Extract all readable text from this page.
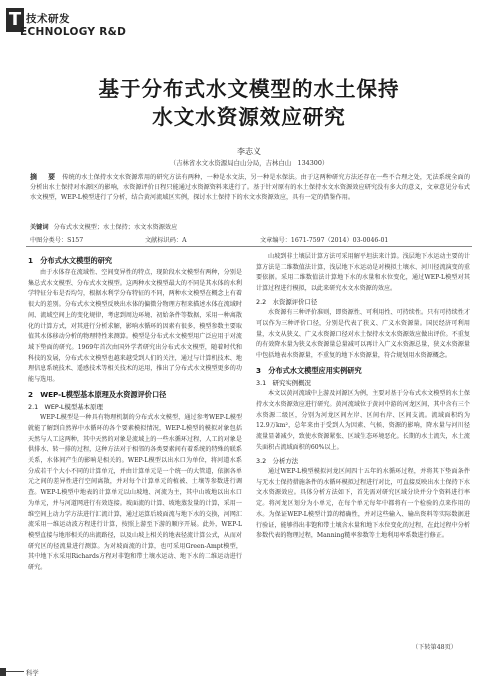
T 技术研发
ECHNOLOGY R&D
基于分布式水文模型的水土保持
水文水资源效应研究
李志义
（吉林省水文水资源局白山分局，吉林白山　134300）
摘　要 传统的水土保持水文水资源常用的研究方法有两种，一种是水文法，另一种是水保法。由于这两种研究方法还存在一些不合理之处，无法系统全面的分析出水土保持对水源区的影响，水资源评价日程只能通过水资源资料来进行了。基于针对原有的水土保持水文水资源效应研究没有多大的意义，文章意见分布式水文模型，WEP-L模型进行了分析，结合黄河流域区实例，探讨水土保持下的水文水资源效应，具有一定的借鉴作用。
关键词 分布式水文模型；水土保持；水文水资源效应
中图分类号：S157	文献标识码：A	文章编号：1671-7597（2014）03-0046-01
1　分布式水文模型的研究

由于水体存在流域性、空间变异性的特点，现阶段水文模型有两种，分别是集总式水文模型、分布式水文模型。这两种水文模型最大的不同是其水体的水利学特征分布是否均匀，根据水利学分布特征的不同，两种水文模型在概念上有着很大的差别。分布式水文模型反映出水体的偏微分物理方程来描述水体在流域时间、流域空间上的变化规律，考虑到周边环境、初始条件等数据，采用一种离散化的计算方式，对其进行分析求解，影响水循环的因素有很多，模型参数主要取值其水体移动分析的物理特性来测算。模型是分布式水文模型用广泛应用于对流域下垫面的研究。1969年首次由国外学者研究出分布式水文模型，随着时代和科技的发展，分布式水文模型也越来越受到人们的关注，通过与计算机技术、地理信息系统技术、遥感技术等相关技术的运用，推出了分布式水文模型更多的功能与选用。

2　WEP-L模型基本原理及水资源评价口径
2.1　WEP-L模型基本原理

WEP-L模型是一种具有物理机制的分布式水文模型，通过参考WEP-L模型就能了解到自然界中水循环的各个要素模拟情况，WEP-L模型的模拟对象包括天然与人工这两种，其中天然的对象是流域上的一些水循环过程，人工的对象是供排水、转一排的过程，这种方法对于相邻的各类要素间有着系统的特殊的联系关系，水体间产生的影响是相关的。WEP-L模型以出水口为单位，将河道水系分成若干个大小不同的计算单元，并由计算单元是一个统一的大管道，依据各单元之间的差异性进行空间离散，并对每个计算单元的植被、土壤等参数进行调查。WEP-L模型中地表的计算单元以山坡地、河流为主，其中山坡地以出水口为单元，并与河道网进行有效连接。坡面流的计算、坡地蒸发量的计算，采用一维空间上动力学方法进行汇流计算，通过运算后坡面流与地下水的交换，河网汇流采用一维运动波方程进行计算，按照上游至下游的顺序开展。此外，WEP-L模型直接与地形相关的出流路径，以及山坡上相关的地表径流计算公式，从而对研究区的径流量进行测算。为对坡面流的计算，也可采用Green-Ampt模型，其中地下水采用Richards方程对非饱和带土壤水运动、地下水的二维运动进行研究。

山坡到非土壤层计算方法可采用解平坦法来计算。浅层地下水运动主要的计算方法是二维数值法计算，浅层地下水运动是对模拟土壤水、河川径流演变的重要依据。采用二维数值法计算地下水的水量和水位变化，通过WEP-L模型对其计算过程进行模拟，以此来研究水文水资源的效应。

2.2　水资源评价口径

水资源有三种评价准则，即资源性、可利用性、可持续性。只有可持续性才可以作为三种评价口径，分别是代表了狭义、广义水资源量。国民经济可利用量，水文从狭义、广义水资源口径对水土保持水文水资源效应做出评价。不重复的有效降水量为狭义水资源量总量减可以再计入广义水资源总量，狭义水资源量中包括地表水资源量，不重复的地下水资源量，符合规划用水资源概念。

3　分布式水文模型应用实例研究
3.1　研究实例概况

本文以黄河流域中上游及河源区为例，主要对基于分布式水文模型的水土保持水文水资源效应进行研究。黄河流域位于黄河中游的河龙区间，其中含有三个水资源二级区，分别为河龙区间左岸、区间右岸、区间支流。流域面积约为12.9万km²，总年来由于受到人为因素、气候、资源的影响，降水量与河川径流量显著减少，致使水资源紧张、区域生态环境恶化。长期的水土流失，水土流失面积占流域面积的60%以上。

3.2　分析方法

通过WEP-L模型模拟河龙区间四十五年的水循环过程，并将其下垫面条件与无水土保持措施条件的水循环模拟过程进行对比，可直接反映出水土保持下水文水资源效应。具体分析方法如下，首先需对研究区域分块并分个资料进行率定。将河龙区划分为小单元，在每个单元每年中都将有一个检验的点来作用的水。为保证WEP-L模型计算的精确性，并对这些输入、输出资料等实际数据进行验证，能够得出非饱和带土壤含水量和地下水位变化的过程，在此过程中分析参数代表的物理过程，Manning糙率参数等土地利用率系数进行修正。

（下转第48页）
科学
